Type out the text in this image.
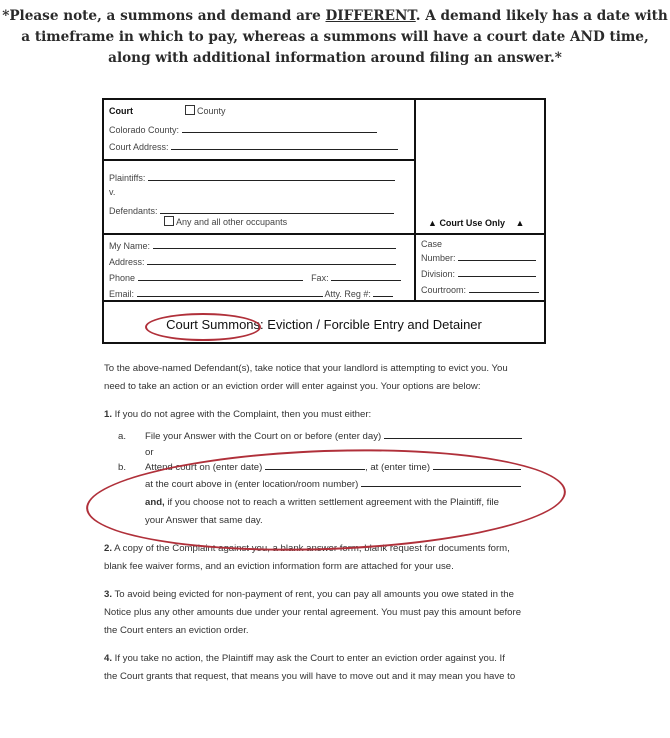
*Please note, a summons and demand are DIFFERENT. A demand likely has a date with a timeframe in which to pay, whereas a summons will have a court date AND time, along with additional information around filing an answer.*
Court	County
Colorado County:
Court Address:
Plaintiffs:
v.
Defendants:
Any and all other occupants	▲ Court Use Only ▲
My Name:
Address:
Phone	Fax:
Email:	Atty. Reg #:
Case
Number:
Division:
Courtroom:
Court Summons: Eviction / Forcible Entry and Detainer
To the above-named Defendant(s), take notice that your landlord is attempting to evict you. You
need to take an action or an eviction order will enter against you. Your options are below:
1. If you do not agree with the Complaint, then you must either:
a. File your Answer with the Court on or before (enter day)
or
b. Attend court on (enter date)	, at (enter time)
at the court above in (enter location/room number)
and, if you choose not to reach a written settlement agreement with the Plaintiff, file
your Answer that same day.
2. A copy of the Complaint against you, a blank answer form, blank request for documents form,
blank fee waiver forms, and an eviction information form are attached for your use.
3. To avoid being evicted for non-payment of rent, you can pay all amounts you owe stated in the
Notice plus any other amounts due under your rental agreement. You must pay this amount before
the Court enters an eviction order.
4. If you take no action, the Plaintiff may ask the Court to enter an eviction order against you. If
the Court grants that request, that means you will have to move out and it may mean you have to
